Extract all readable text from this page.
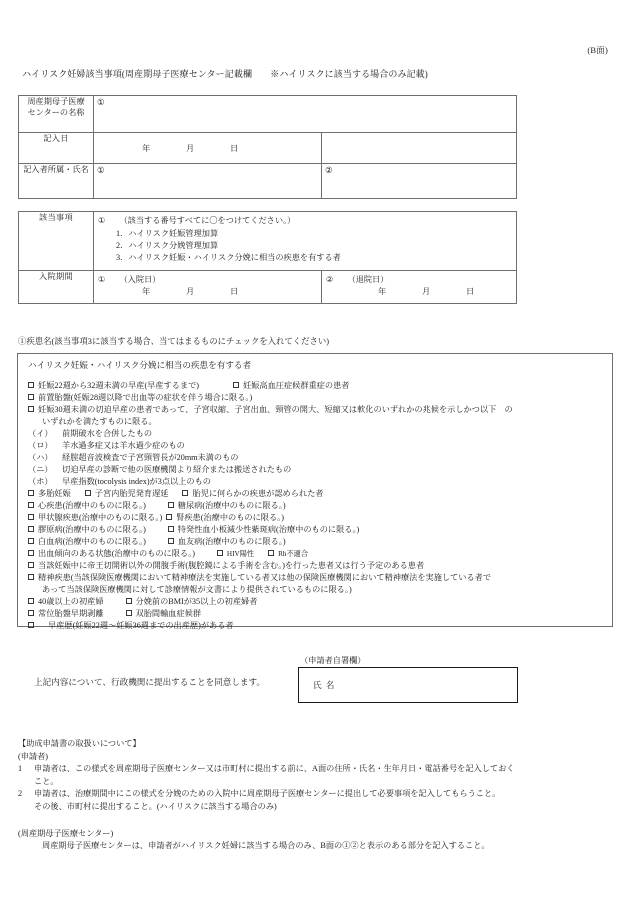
(B面)
ハイリスク妊婦該当事項(周産期母子医療センター記載欄　　※ハイリスクに該当する場合のみ記載)
周産期母子医療
センターの名称	①	

記入日	年 月 日	

記入者所属・氏名	①	②
該当事項	① （該当する番号すべてに〇をつけてください。）
1．ハイリスク妊娠管理加算
2．ハイリスク分娩管理加算
3．ハイリスク妊娠・ハイリスク分娩に相当の疾患を有する者

入院期間	① （入院日）
年	月	日

② （退院日）
年	月	日
①疾患名(該当事項3に該当する場合、当てはまるものにチェックを入れてください)
ハイリスク妊娠・ハイリスク分娩に相当の疾患を有する者
妊娠22週から32週未満の早産(早産するまで)	妊娠高血圧症候群重症の患者
前置胎盤(妊娠28週以降で出血等の症状を伴う場合に限る。)
妊娠30週未満の切迫早産の患者であって、子宮収縮、子宮出血、頸管の開大、短縮又は軟化のいずれかの兆候を示しかつ以下　の
いずれかを満たすものに限る。
（イ） 前期破水を合併したもの
（ロ） 羊水過多症又は羊水過少症のもの
（ハ） 経腟超音波検査で子宮頸管長が20mm未満のもの
（ニ） 切迫早産の診断で他の医療機関より紹介または搬送されたもの
（ホ） 早産指数(tocolysis index)が3点以上のもの
多胎妊娠	子宮内胎児発育遅延	胎児に何らかの疾患が認められた者
心疾患(治療中のものに限る。)	糖尿病(治療中のものに限る。)
甲状腺疾患(治療中のものに限る。) 腎疾患(治療中のものに限る。)
膠原病(治療中のものに限る。)	特発性血小板減少性紫斑病(治療中のものに限る。)
白血病(治療中のものに限る。)	血友病(治療中のものに限る。)
出血傾向のある状態(治療中のものに限る。)	HIV陽性	Rh不適合
当該妊娠中に帝王切開術以外の開腹手術(腹腔鏡による手術を含む。)を行った患者又は行う予定のある患者
精神疾患(当該保険医療機関において精神療法を実施している者又は他の保険医療機関において精神療法を実施している者で
あって当該保険医療機関に対して診療情報が文書により提供されているものに限る。)
40歳以上の初産婦	分娩前のBMIが35以上の初産婦者
常位胎盤早期剥離	双胎間輸血症候群
早産歴(妊娠22週～妊娠36週までの出産歴)がある者
（申請者自署欄）
上記内容について、行政機関に提出することを同意します。	氏 名
【助成申請書の取扱いについて】
(申請者)
1 申請者は、この様式を周産期母子医療センター又は市町村に提出する前に、A面の住所・氏名・生年月日・電話番号を記入しておく
こと。
2 申請者は、治療期間中にこの様式を分娩のための入院中に周産期母子医療センターに提出して必要事項を記入してもらうこと。
その後、市町村に提出すること。(ハイリスクに該当する場合のみ)
(周産期母子医療センター)
周産期母子医療センターは、申請者がハイリスク妊婦に該当する場合のみ、B面の①②と表示のある部分を記入すること。
